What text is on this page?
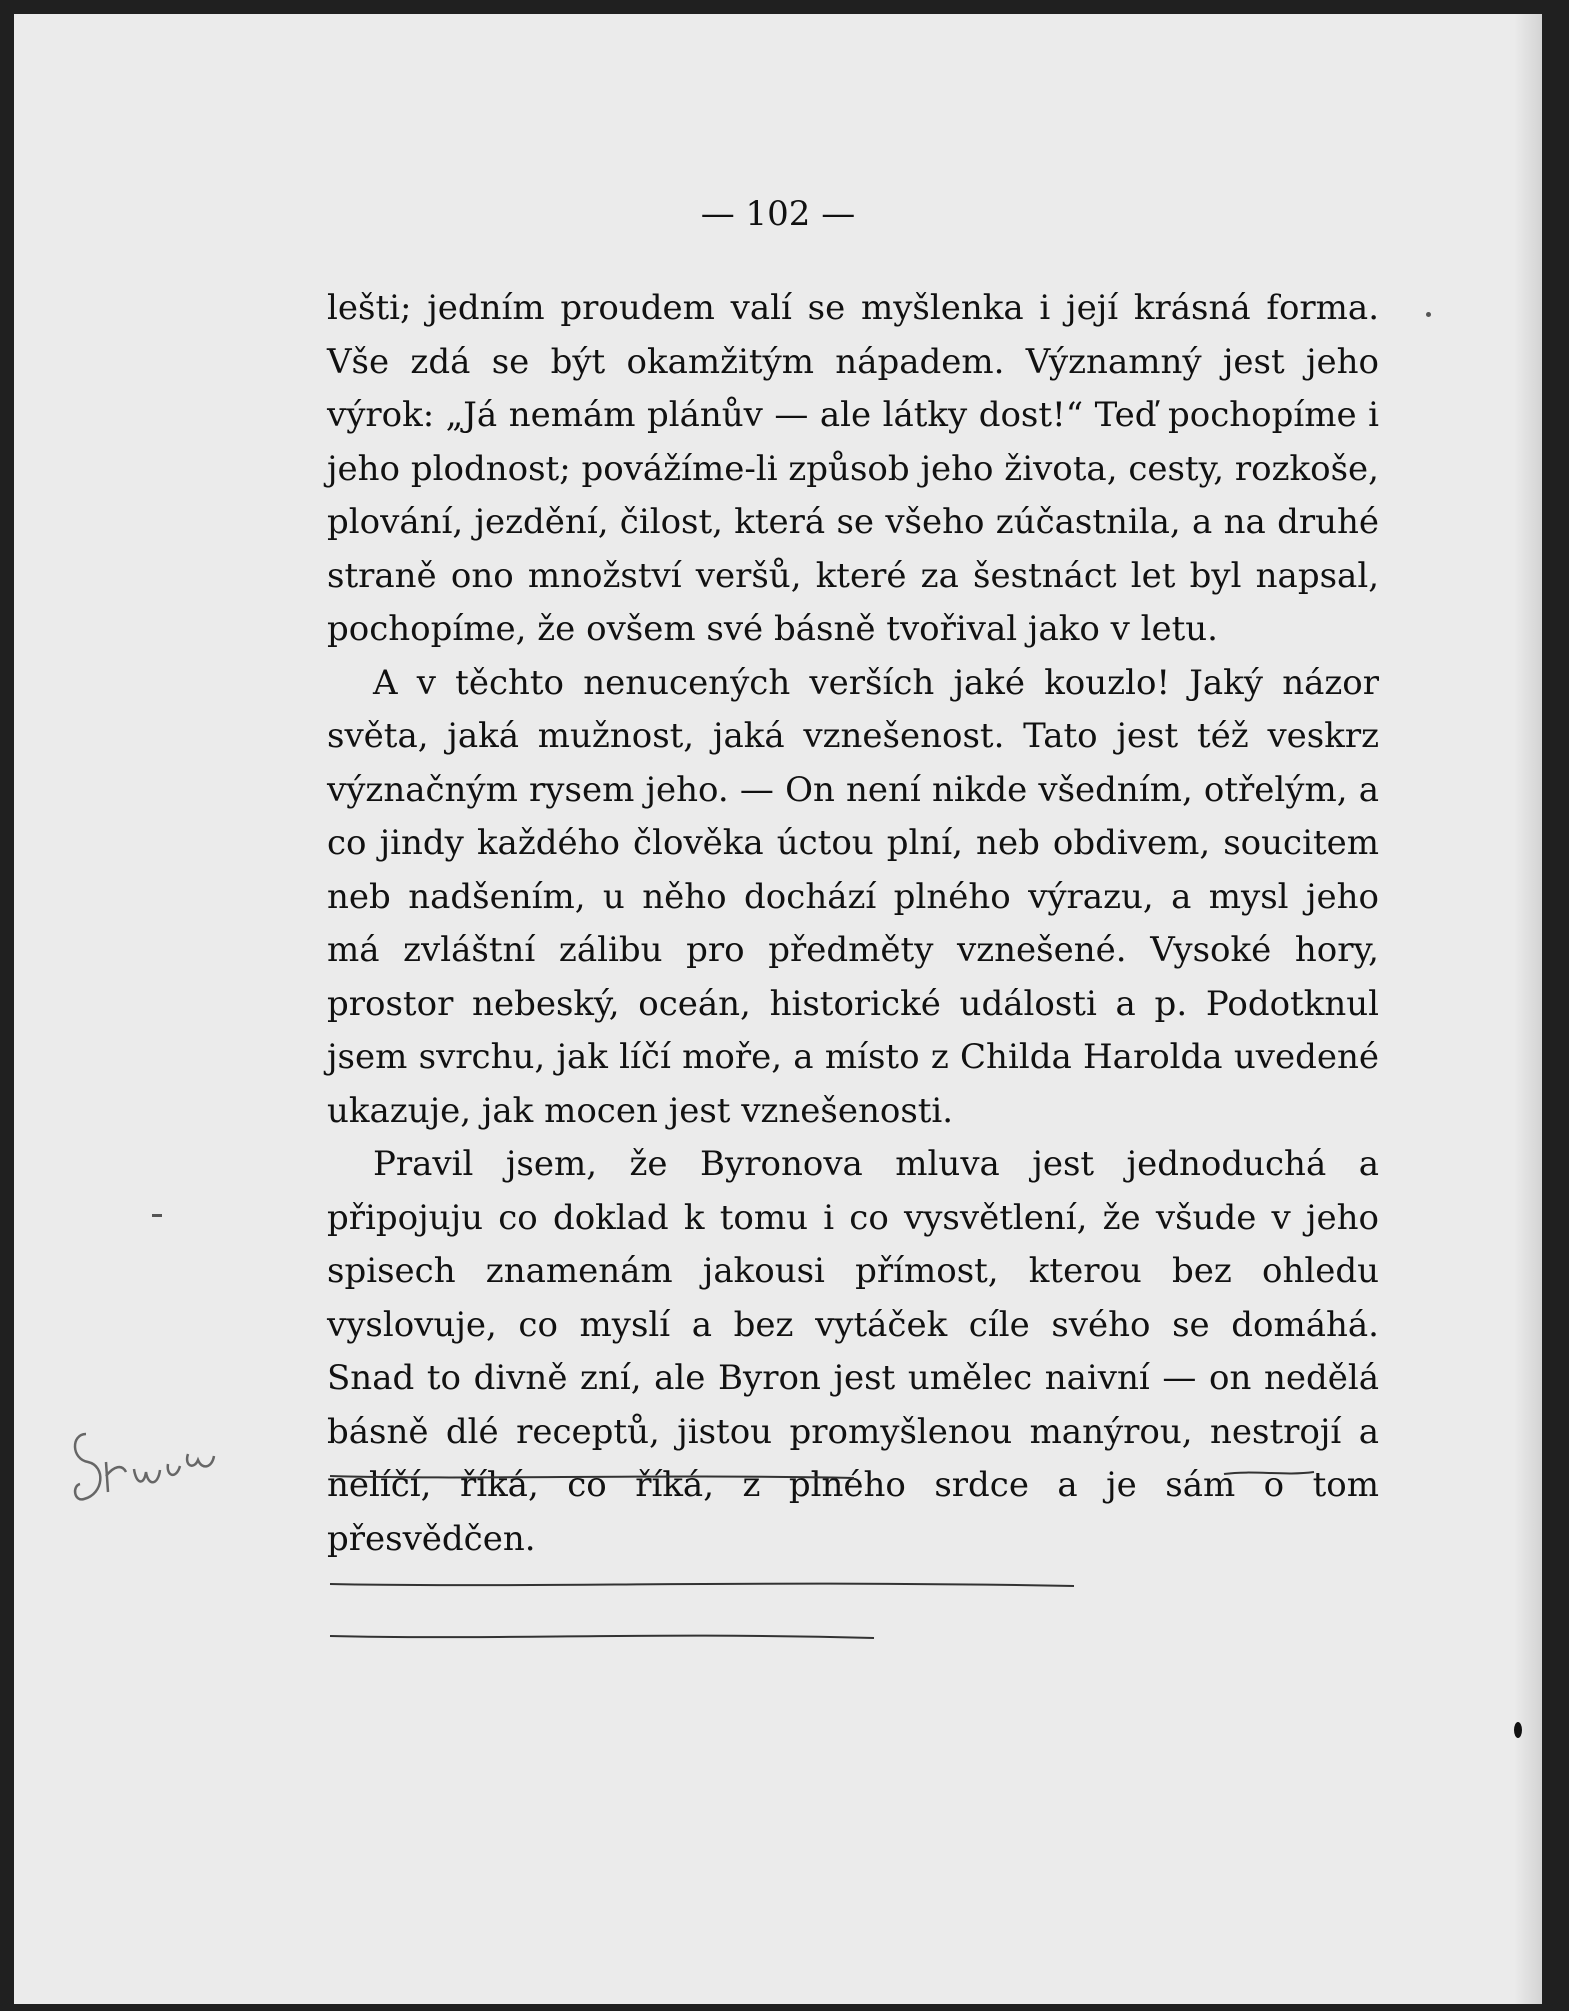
— 102 —

lešti; jedním proudem valí se myšlenka i její krásná forma. Vše zdá se být okamžitým nápadem. Významný jest jeho výrok: „Já nemám plánův — ale látky dost!“ Teď pochopíme i jeho plodnost; povážíme-li způsob jeho života, cesty, rozkoše, plování, jezdění, čilost, která se všeho zúčastnila, a na druhé straně ono množství veršů, které za šestnáct let byl napsal, pochopíme, že ovšem své básně tvořival jako v letu.

A v těchto nenucených verších jaké kouzlo! Jaký názor světa, jaká mužnost, jaká vznešenost. Tato jest též veskrz význačným rysem jeho. — On není nikde všedním, otřelým, a co jindy každého člověka úctou plní, neb obdivem, soucitem neb nadšením, u něho dochází plného výrazu, a mysl jeho má zvláštní zálibu pro předměty vznešené. Vysoké hory, prostor nebeský, oceán, historické události a p. Podotknul jsem svrchu, jak líčí moře, a místo z Childa Harolda uvedené ukazuje, jak mocen jest vznešenosti.

Pravil jsem, že Byronova mluva jest jednoduchá a připojuju co doklad k tomu i co vysvětlení, že všude v jeho spisech znamenám jakousi přímost, kterou bez ohledu vyslovuje, co myslí a bez vytáček cíle svého se domáhá. Snad to divně zní, ale Byron jest umělec naivní — on nedělá básně dlé receptů, jistou promyšlenou manýrou, nestrojí a nelíčí, říká, co říká, z plného srdce a je sám o tom přesvědčen.
